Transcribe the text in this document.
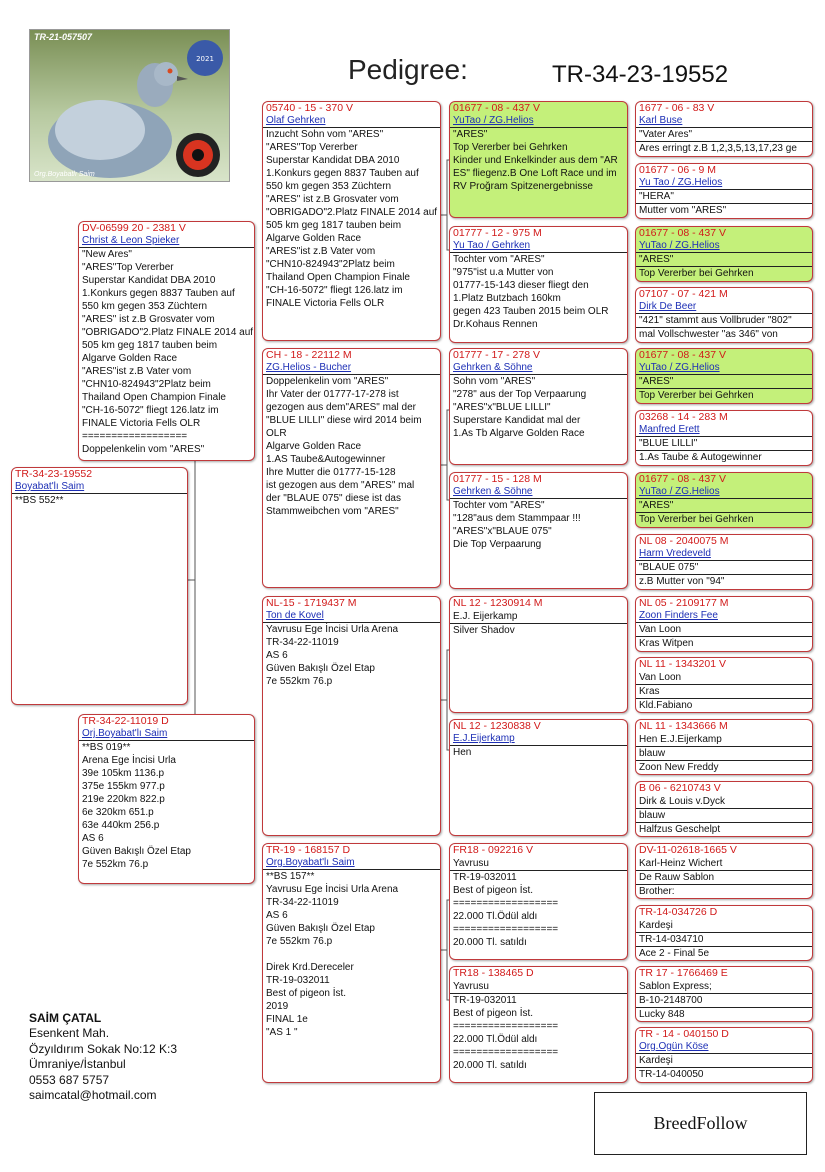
Pedigree:	TR-34-23-19552
2021
TR-21-057507
Org.Boyabatlı Saim
TR-34-23-19552
Boyabat'lı Saim
**BS 552**
DV-06599 20 - 2381 V
Christ & Leon Spieker
"New Ares"
"ARES"Top Vererber
Superstar Kandidat DBA 2010
1.Konkurs gegen 8837 Tauben auf
550 km gegen 353 Züchtern
"ARES" ist z.B Grosvater vom
"OBRIGADO"2.Platz FINALE 2014 auf
505 km geg 1817 tauben beim
Algarve Golden Race
"ARES"ist z.B Vater vom
"CHN10-824943"2Platz beim
Thailand Open Champion Finale
"CH-16-5072" fliegt 126.latz im
FINALE Victoria Fells OLR
==================
Doppelenkelin vom "ARES"
TR-34-22-11019 D
Orj.Boyabat'lı Saim
**BS 019**
Arena Ege İncisi Urla
39e 105km 1136.p
375e 155km 977.p
219e 220km 822.p
6e 320km 651.p
63e 440km 256.p
AS 6
Güven Bakışlı Özel Etap
7e 552km 76.p
05740 - 15 - 370 V
Olaf Gehrken
Inzucht Sohn vom "ARES"
"ARES"Top Vererber
Superstar Kandidat DBA 2010
1.Konkurs gegen 8837 Tauben auf
550 km gegen 353 Züchtern
"ARES" ist z.B Grosvater vom
"OBRIGADO"2.Platz FINALE 2014 auf
505 km geg 1817 tauben beim
Algarve Golden Race
"ARES"ist z.B Vater vom
"CHN10-824943"2Platz beim
Thailand Open Champion Finale
"CH-16-5072" fliegt 126.latz im
FINALE Victoria Fells OLR
CH - 18 - 22112 M
ZG.Helios - Bucher
Doppelenkelin vom "ARES"
Ihr Vater der 01777-17-278 ist
gezogen aus dem"ARES" mal der
"BLUE LILLI" diese wird 2014 beim
OLR
Algarve Golden Race
1.AS Taube&Autogewinner
Ihre Mutter die 01777-15-128
ist gezogen aus dem "ARES" mal
der "BLAUE 075" diese ist das
Stammweibchen vom "ARES"
NL-15 - 1719437 M
Ton de Kovel
Yavrusu Ege İncisi Urla Arena
TR-34-22-11019
AS 6
Güven Bakışlı Özel Etap
7e 552km 76.p
TR-19 - 168157 D
Org.Boyabat'lı Saim
**BS 157**
Yavrusu Ege İncisi Urla Arena
TR-34-22-11019
AS 6
Güven Bakışlı Özel Etap
7e 552km 76.p
Direk Krd.Dereceler
TR-19-032011
Best of pigeon İst.
2019
FINAL 1e
"AS 1 "
01677 - 08 - 437 V
YuTao / ZG.Helios
"ARES"
Top Vererber bei Gehrken
Kinder und Enkelkinder aus dem "ARES" fliegenz.B One Loft Race und im RV Proğram Spitzenergebnisse
01777 - 12 - 975 M
Yu Tao / Gehrken
Tochter vom "ARES"
"975"ist u.a Mutter von
01777-15-143 dieser fliegt den
1.Platz Butzbach 160km
gegen 423 Tauben 2015 beim OLR
Dr.Kohaus Rennen
01777 - 17 - 278 V
Gehrken & Söhne
Sohn vom "ARES"
"278" aus der Top Verpaarung
"ARES"x"BLUE LILLI"
Superstare Kandidat mal der
1.As Tb Algarve Golden Race
01777 - 15 - 128 M
Gehrken & Söhne
Tochter vom "ARES"
"128"aus dem Stammpaar !!!
"ARES"x"BLAUE 075"
Die Top Verpaarung
NL 12 - 1230914 M
E.J. Eijerkamp
Silver Shadov
NL 12 - 1230838 V
E.J.Eijerkamp
Hen
FR18 - 092216 V
Yavrusu
TR-19-032011
Best of pigeon İst.
==================
22.000 Tl.Ödül aldı
==================
20.000 Tl. satıldı
TR18 - 138465 D
Yavrusu
TR-19-032011
Best of pigeon İst.
==================
22.000 Tl.Ödül aldı
==================
20.000 Tl. satıldı
1677 - 06 - 83 V
Karl Buse
"Vater Ares"
Ares erringt z.B 1,2,3,5,13,17,23 ge
01677 - 06 - 9 M
Yu Tao / ZG.Helios
"HERA"
Mutter vom "ARES"
01677 - 08 - 437 V
YuTao / ZG.Helios
"ARES"
Top Vererber bei Gehrken
07107 - 07 - 421 M
Dirk De Beer
"421" stammt aus Vollbruder "802"
mal Vollschwester "as 346" von
01677 - 08 - 437 V
YuTao / ZG.Helios
"ARES"
Top Vererber bei Gehrken
03268 - 14 - 283 M
Manfred Erett
"BLUE LILLI"
1.As Taube & Autogewinner
01677 - 08 - 437 V
YuTao / ZG.Helios
"ARES"
Top Vererber bei Gehrken
NL 08 - 2040075 M
Harm Vredeveld
"BLAUE 075"
z.B Mutter von "94"
NL 05 - 2109177 M
Zoon Finders Fee
Van Loon
Kras Witpen
NL 11 - 1343201 V
Van Loon
Kras
Kld.Fabiano
NL 11 - 1343666 M
Hen E.J.Eijerkamp
blauw
Zoon New Freddy
B 06 - 6210743 V
Dirk & Louis v.Dyck
blauw
Halfzus Geschelpt
DV-11-02618-1665 V
Karl-Heinz Wichert
De Rauw Sablon
Brother:
TR-14-034726 D
Kardeşi
TR-14-034710
Ace 2 - Final 5e
TR 17 - 1766469 E
Sablon Express;
B-10-2148700
Lucky 848
TR - 14 - 040150 D
Org.Ogün Köse
Kardeşi
TR-14-040050
SAİM ÇATAL
Esenkent Mah.
Özyıldırım Sokak No:12 K:3
Ümraniye/İstanbul
0553 687 5757
saimcatal@hotmail.com
BreedFollow
